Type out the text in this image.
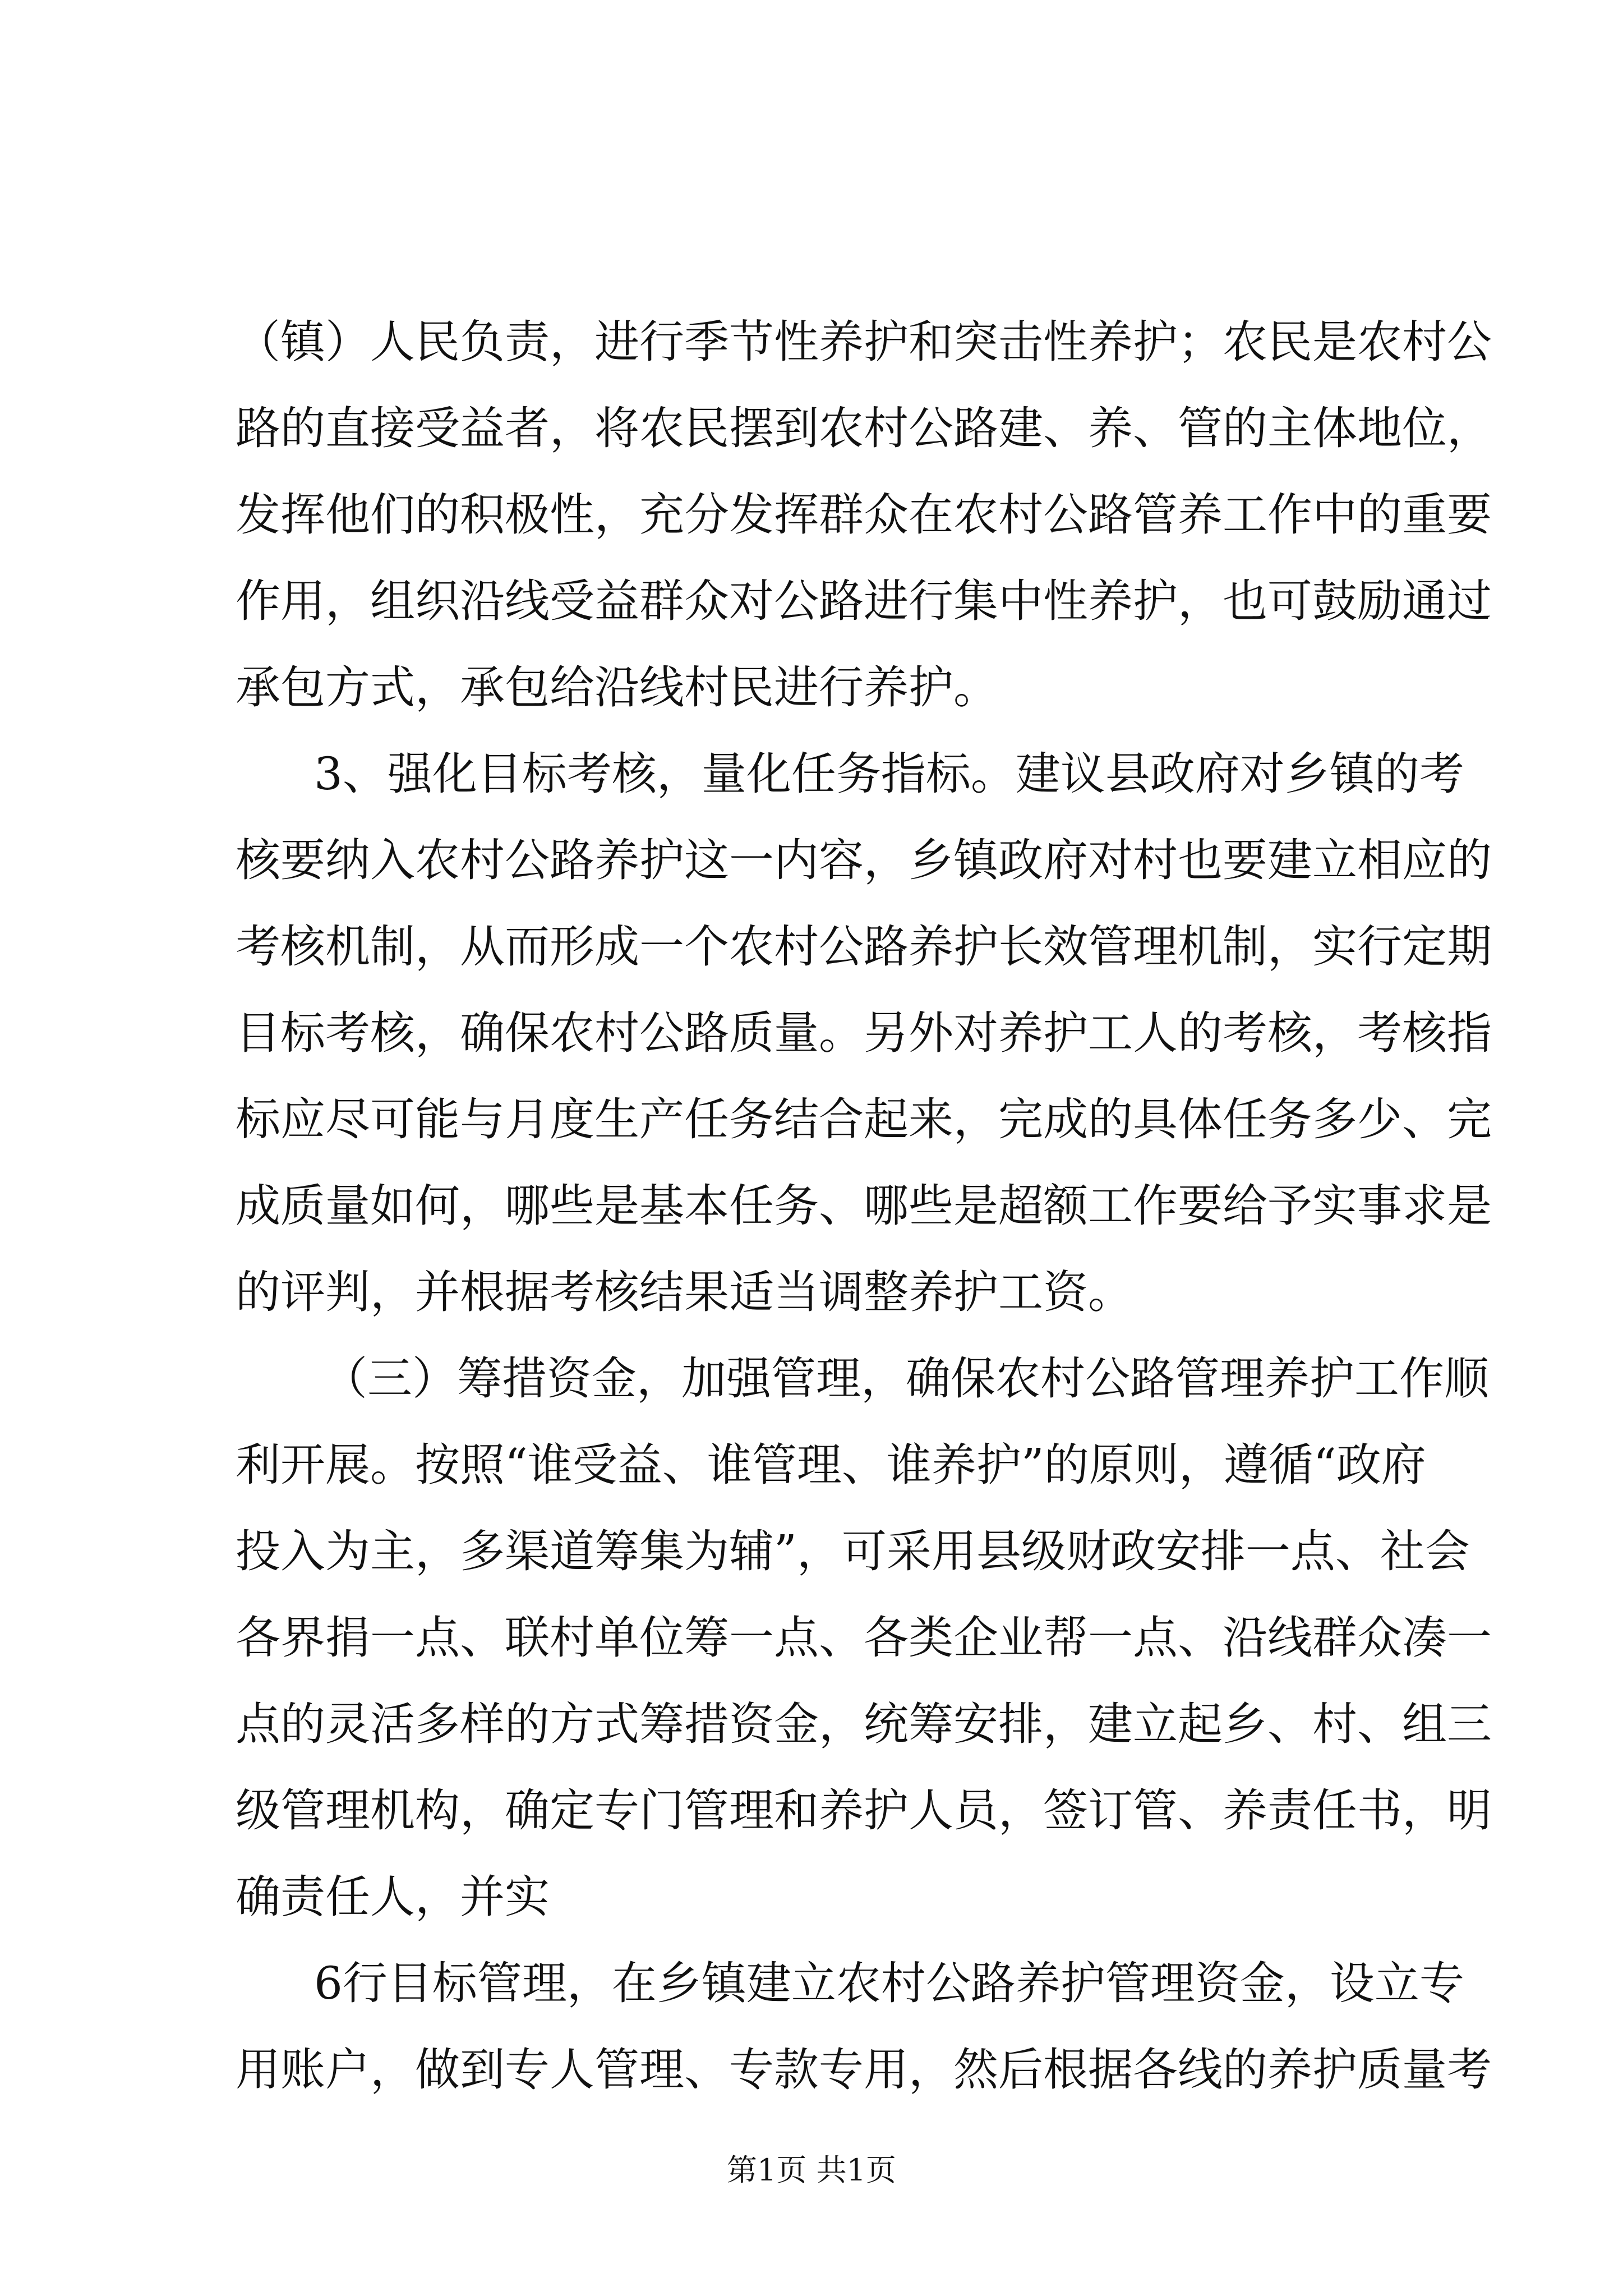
（镇）人民负责，进行季节性养护和突击性养护；农民是农村公
路的直接受益者，将农民摆到农村公路建、养、管的主体地位，
发挥他们的积极性，充分发挥群众在农村公路管养工作中的重要
作用，组织沿线受益群众对公路进行集中性养护，也可鼓励通过
承包方式，承包给沿线村民进行养护。
3、强化目标考核，量化任务指标。建议县政府对乡镇的考
核要纳入农村公路养护这一内容，乡镇政府对村也要建立相应的
考核机制，从而形成一个农村公路养护长效管理机制，实行定期
目标考核，确保农村公路质量。另外对养护工人的考核，考核指
标应尽可能与月度生产任务结合起来，完成的具体任务多少、完
成质量如何，哪些是基本任务、哪些是超额工作要给予实事求是
的评判，并根据考核结果适当调整养护工资。
（三）筹措资金，加强管理，确保农村公路管理养护工作顺
利开展。按照“谁受益、谁管理、谁养护”的原则，遵循“政府
投入为主，多渠道筹集为辅”，可采用县级财政安排一点、社会
各界捐一点、联村单位筹一点、各类企业帮一点、沿线群众凑一
点的灵活多样的方式筹措资金，统筹安排，建立起乡、村、组三
级管理机构，确定专门管理和养护人员，签订管、养责任书，明
确责任人，并实
6行目标管理，在乡镇建立农村公路养护管理资金，设立专
用账户，做到专人管理、专款专用，然后根据各线的养护质量考
第1页 共1页
